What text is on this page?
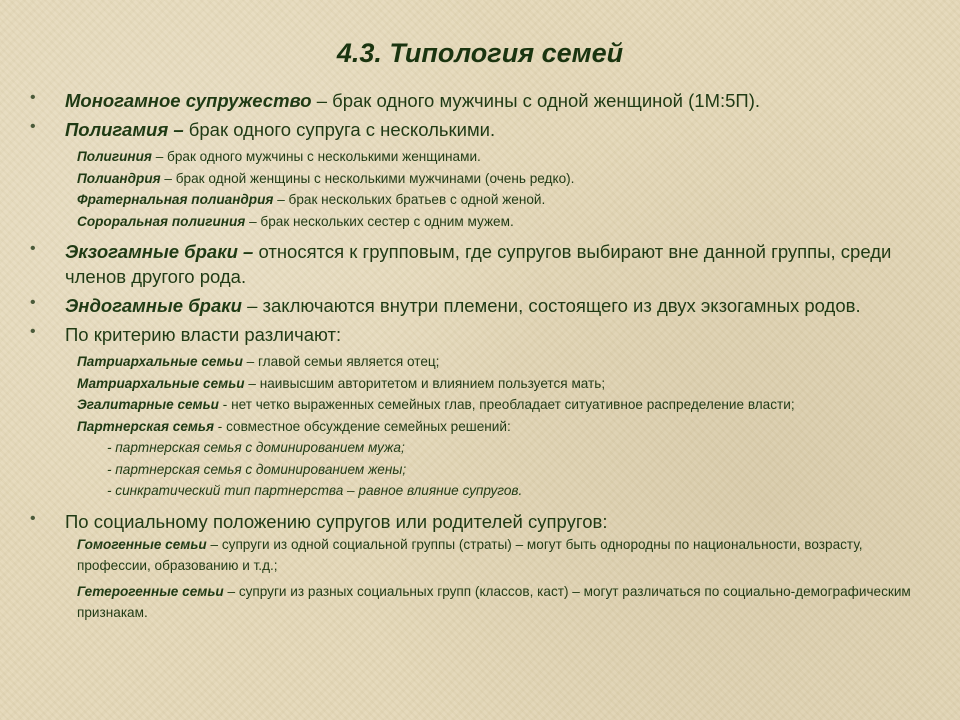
4.3. Типология семей
• Моногамное супружество – брак одного мужчины с одной женщиной (1М:5П).
• Полигамия – брак одного супруга с несколькими.
Полигиния – брак одного мужчины с несколькими женщинами.
Полиандрия – брак одной женщины с несколькими мужчинами (очень редко).
Фратернальная полиандрия – брак нескольких братьев с одной женой.
Сороральная полигиния – брак нескольких сестер с одним мужем.
• Экзогамные браки – относятся к групповым, где супругов выбирают вне данной группы, среди членов другого рода.
• Эндогамные браки – заключаются внутри племени, состоящего из двух экзогамных родов.
• По критерию власти различают:
Патриархальные семьи – главой семьи является отец;
Матриархальные семьи – наивысшим авторитетом и влиянием пользуется мать;
Эгалитарные семьи - нет четко выраженных семейных глав, преобладает ситуативное распределение власти;
Партнерская семья - совместное обсуждение семейных решений:
- партнерская семья с доминированием мужа;
- партнерская семья с доминированием жены;
- синкратический тип партнерства – равное влияние супругов.
• По социальному положению супругов или родителей супругов:
Гомогенные семьи – супруги из одной социальной группы (страты) – могут быть однородны по национальности, возрасту, профессии, образованию и т.д.;
Гетерогенные семьи – супруги из разных социальных групп (классов, каст) – могут различаться по социально-демографическим признакам.
